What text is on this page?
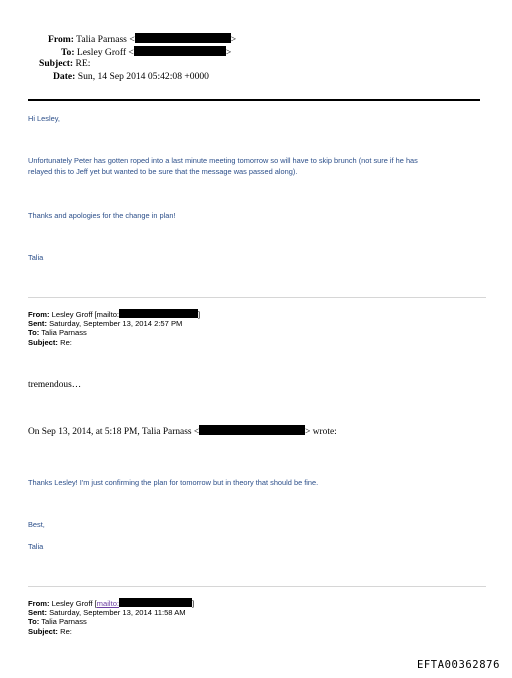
From: Talia Parnass <	>
To: Lesley Groff <	>
Subject: RE:
Date: Sun, 14 Sep 2014 05:42:08 +0000
Hi Lesley,
Unfortunately Peter has gotten roped into a last minute meeting tomorrow so will have to skip brunch (not sure if he has
relayed this to Jeff yet but wanted to be sure that the message was passed along).
Thanks and apologies for the change in plan!
Talia
From: Lesley Groff [mailto:	]
Sent: Saturday, September 13, 2014 2:57 PM
To: Talia Parnass
Subject: Re:
tremendous…
On Sep 13, 2014, at 5:18 PM, Talia Parnass <	> wrote:
Thanks Lesley! I'm just confirming the plan for tomorrow but in theory that should be fine.
Best,
Talia
From: Lesley Groff [mailto:	]
Sent: Saturday, September 13, 2014 11:58 AM
To: Talia Parnass
Subject: Re:
EFTA00362876
